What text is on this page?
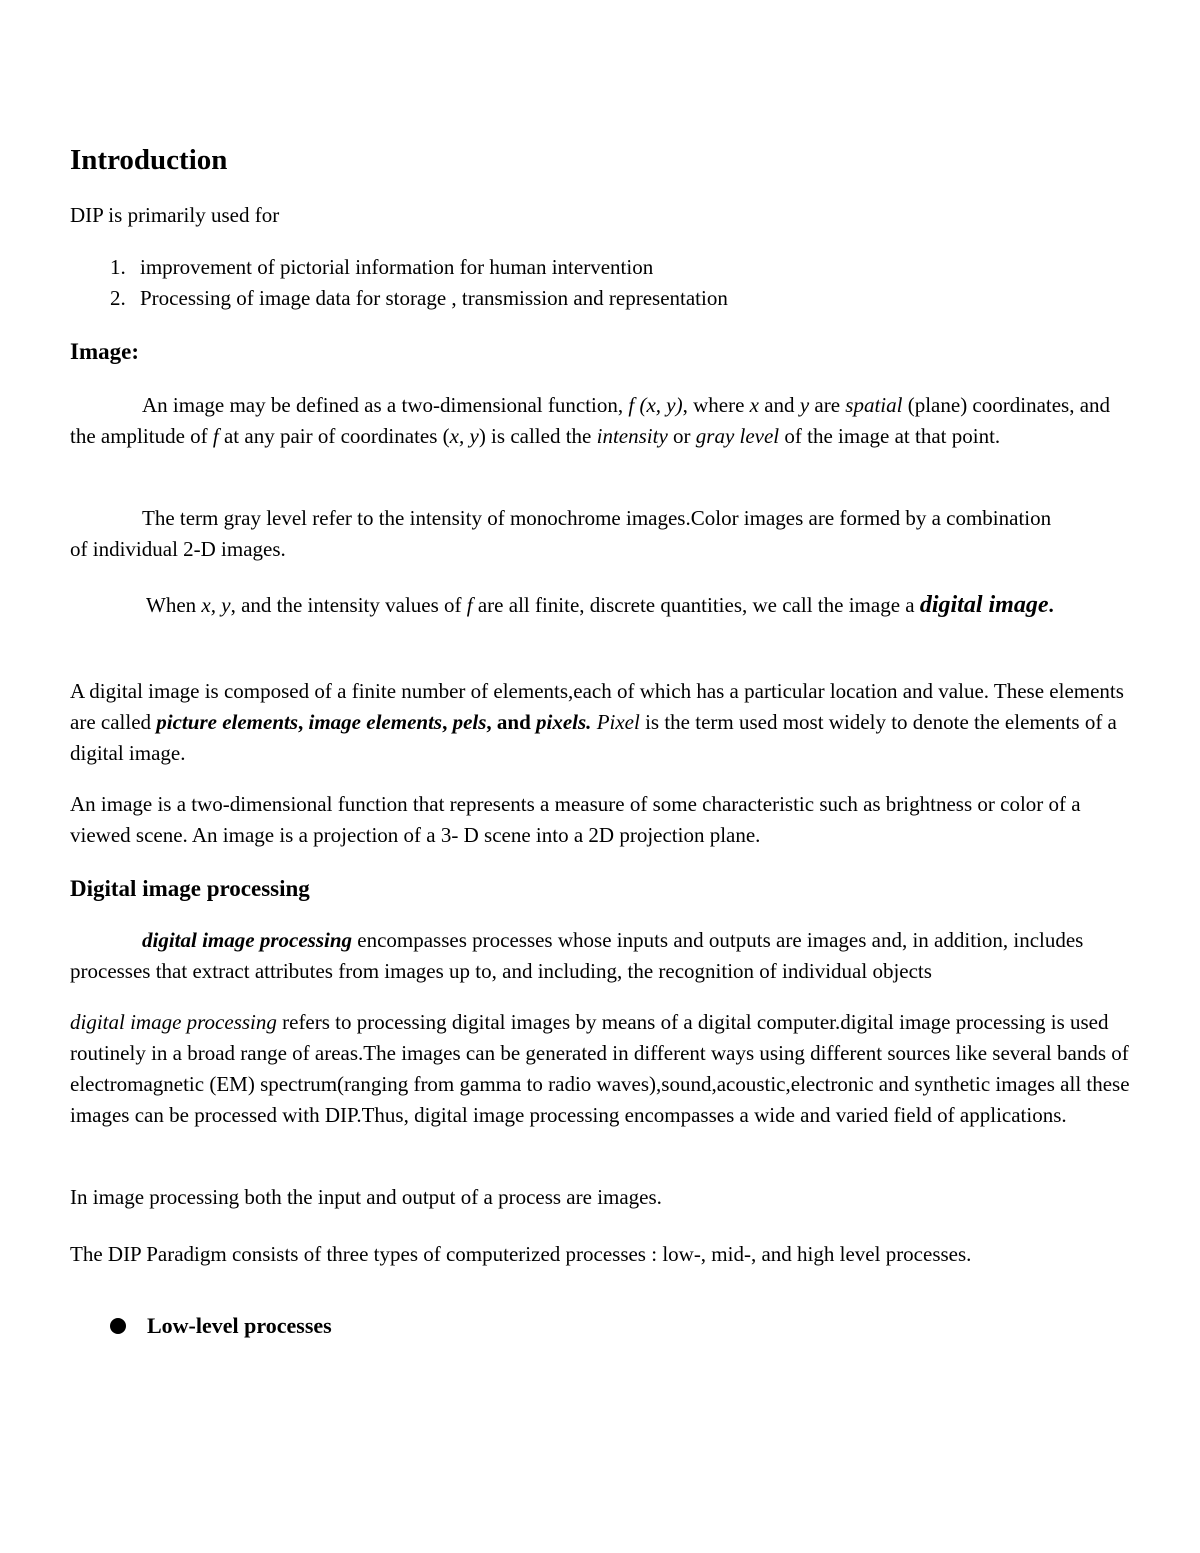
Introduction

DIP is primarily used for

1. improvement of pictorial information for human intervention
2. Processing of image data for storage , transmission and representation
Image:

An image may be defined as a two-dimensional function, f (x, y), where x and y are spatial (plane) coordinates, and the amplitude of f at any pair of coordinates (x, y) is called the intensity or gray level of the image at that point.

The term gray level refer to the intensity of monochrome images.Color images are formed by a combination of individual 2-D images.

When x, y, and the intensity values of f are all finite, discrete quantities, we call the image a digital image.

A digital image is composed of a finite number of elements,each of which has a particular location and value. These elements are called picture elements, image elements, pels, and pixels. Pixel is the term used most widely to denote the elements of a digital image.

An image is a two-dimensional function that represents a measure of some characteristic such as brightness or color of a viewed scene. An image is a projection of a 3- D scene into a 2D projection plane.

Digital image processing

digital image processing encompasses processes whose inputs and outputs are images and, in addition, includes processes that extract attributes from images up to, and including, the recognition of individual objects

digital image processing refers to processing digital images by means of a digital computer.digital image processing is used routinely in a broad range of areas.The images can be generated in different ways using different sources like several bands of electromagnetic (EM) spectrum(ranging from gamma to radio waves),sound,acoustic,electronic and synthetic images all these images can be processed with DIP.Thus, digital image processing encompasses a wide and varied field of applications.

In image processing both the input and output of a process are images.

The DIP Paradigm consists of three types of computerized processes : low-, mid-, and high level processes.

Low-level processes
